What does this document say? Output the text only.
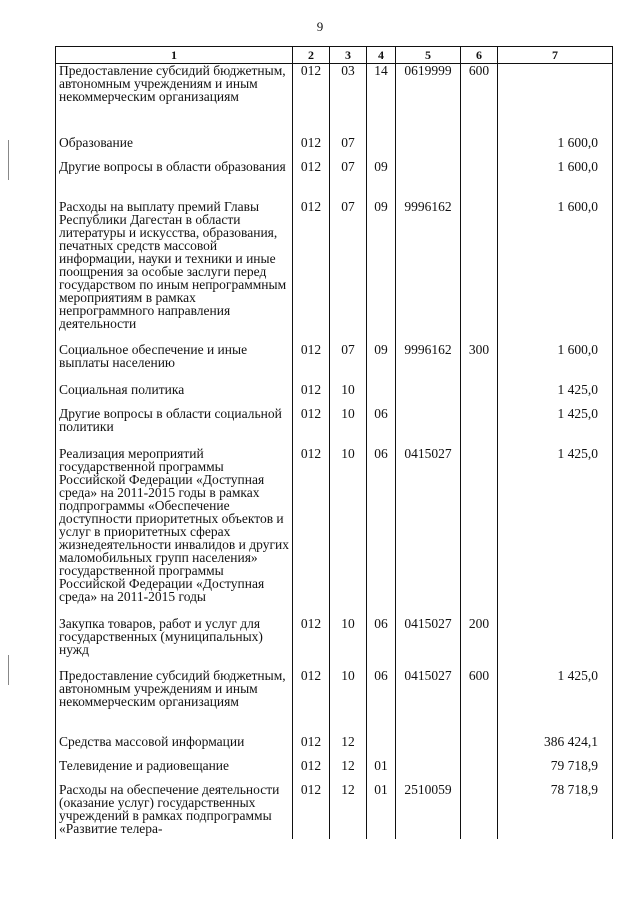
9
1	2	3	4	5	6	7
Предоставление субсидий бюджетным, автономным учреждениям и иным некоммерческим организациям	012	03	14	0619999	600	
Образование	012	07				1 600,0
Другие вопросы в области образования	012	07	09			1 600,0
Расходы на выплату премий Главы Республики Дагестан в области литературы и искусства, образования, печатных средств массовой информации, науки и техники и иные поощрения за особые заслуги перед государством по иным непрограммным мероприятиям в рамках непрограммного направления деятельности	012	07	09	9996162		1 600,0
Социальное обеспечение и иные выплаты населению	012	07	09	9996162	300	1 600,0
Социальная политика	012	10				1 425,0
Другие вопросы в области социальной политики	012	10	06			1 425,0
Реализация мероприятий государственной программы Российской Федерации «Доступная среда» на 2011-2015 годы в рамках подпрограммы «Обеспечение доступности приоритетных объектов и услуг в приоритетных сферах жизнедеятельности инвалидов и других маломобильных групп населения» государственной программы Российской Федерации «Доступная среда» на 2011-2015 годы	012	10	06	0415027		1 425,0
Закупка товаров, работ и услуг для государственных (муниципальных) нужд	012	10	06	0415027	200	
Предоставление субсидий бюджетным, автономным учреждениям и иным некоммерческим организациям	012	10	06	0415027	600	1 425,0
Средства массовой информации	012	12				386 424,1
Телевидение и радиовещание	012	12	01			79 718,9
Расходы на обеспечение деятельности (оказание услуг) государственных учреждений в рамках подпрограммы «Развитие телера-	012	12	01	2510059		78 718,9
